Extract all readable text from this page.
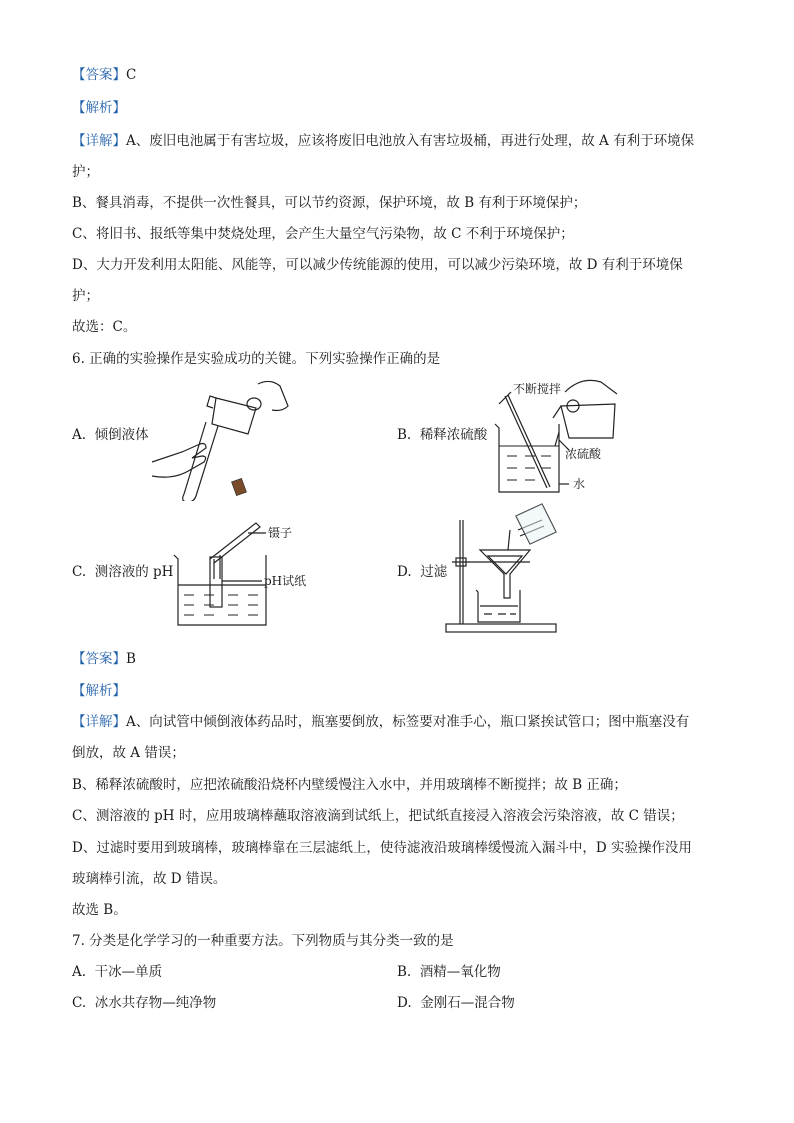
【答案】C
【解析】
【详解】A、废旧电池属于有害垃圾，应该将废旧电池放入有害垃圾桶，再进行处理，故 A 有利于环境保
护；
B、餐具消毒，不提供一次性餐具，可以节约资源，保护环境，故 B 有利于环境保护；
C、将旧书、报纸等集中焚烧处理，会产生大量空气污染物，故 C 不利于环境保护；
D、大力开发利用太阳能、风能等，可以减少传统能源的使用，可以减少污染环境，故 D 有利于环境保
护；
故选：C。
6. 正确的实验操作是实验成功的关键。下列实验操作正确的是
A. 倾倒液体	B. 稀释浓硫酸
C. 测溶液的 pH	D. 过滤
不断搅拌
浓硫酸
水
镊子
pH试纸
【答案】B
【解析】
【详解】A、向试管中倾倒液体药品时，瓶塞要倒放，标签要对准手心，瓶口紧挨试管口；图中瓶塞没有
倒放，故 A 错误；
B、稀释浓硫酸时，应把浓硫酸沿烧杯内壁缓慢注入水中，并用玻璃棒不断搅拌；故 B 正确；
C、测溶液的 pH 时，应用玻璃棒蘸取溶液滴到试纸上，把试纸直接浸入溶液会污染溶液，故 C 错误；
D、过滤时要用到玻璃棒，玻璃棒靠在三层滤纸上，使待滤液沿玻璃棒缓慢流入漏斗中，D 实验操作没用
玻璃棒引流，故 D 错误。
故选 B。
7. 分类是化学学习的一种重要方法。下列物质与其分类一致的是
A. 干冰—单质	B. 酒精—氧化物
C. 冰水共存物—纯净物	D. 金刚石—混合物
